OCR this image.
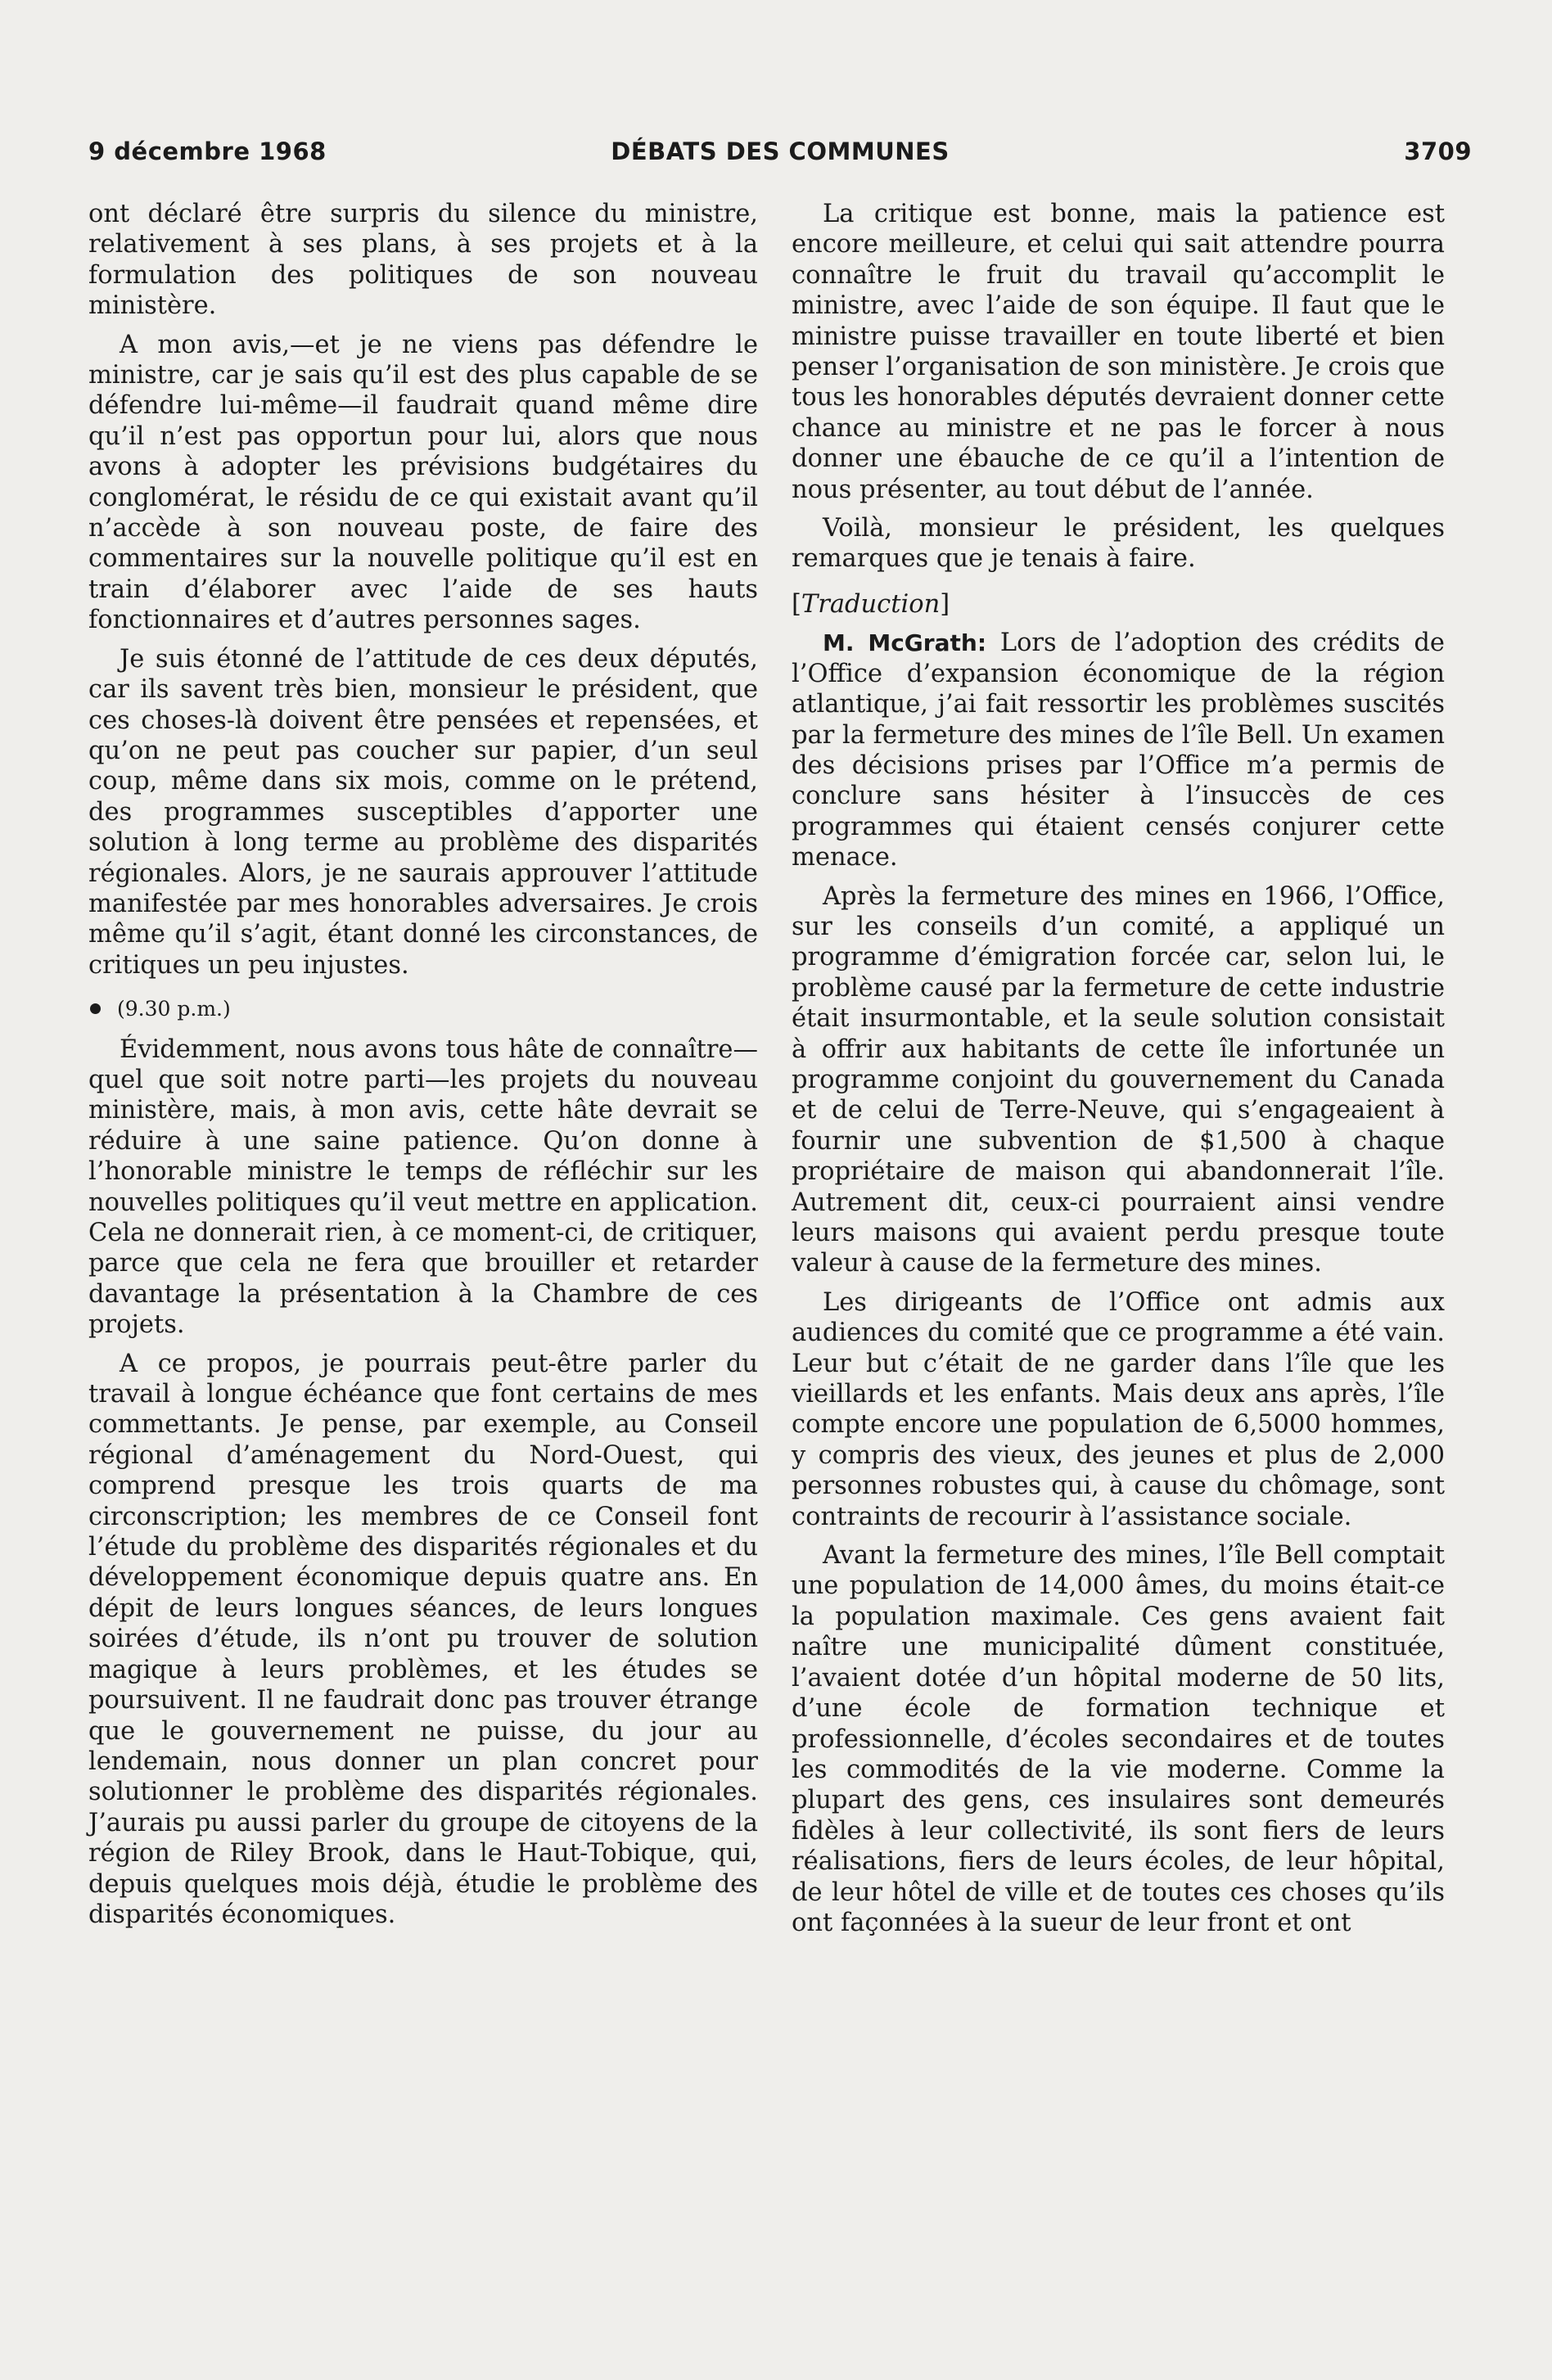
9 décembre 1968	DÉBATS DES COMMUNES	3709

ont déclaré être surpris du silence du ministre, relativement à ses plans, à ses projets et à la formulation des politiques de son nouveau ministère.

A mon avis,—et je ne viens pas défendre le ministre, car je sais qu’il est des plus capable de se défendre lui-même—il faudrait quand même dire qu’il n’est pas opportun pour lui, alors que nous avons à adopter les prévisions budgétaires du conglomérat, le résidu de ce qui existait avant qu’il n’accède à son nouveau poste, de faire des commentaires sur la nouvelle politique qu’il est en train d’élaborer avec l’aide de ses hauts fonctionnaires et d’autres personnes sages.

Je suis étonné de l’attitude de ces deux députés, car ils savent très bien, monsieur le président, que ces choses-là doivent être pensées et repensées, et qu’on ne peut pas coucher sur papier, d’un seul coup, même dans six mois, comme on le prétend, des programmes susceptibles d’apporter une solution à long terme au problème des disparités régionales. Alors, je ne saurais approuver l’attitude manifestée par mes honorables adversaires. Je crois même qu’il s’agit, étant donné les circonstances, de critiques un peu injustes.

(9.30 p.m.)

Évidemment, nous avons tous hâte de connaître—quel que soit notre parti—les projets du nouveau ministère, mais, à mon avis, cette hâte devrait se réduire à une saine patience. Qu’on donne à l’honorable ministre le temps de réfléchir sur les nouvelles politiques qu’il veut mettre en application. Cela ne donnerait rien, à ce moment-ci, de critiquer, parce que cela ne fera que brouiller et retarder davantage la présentation à la Chambre de ces projets.

A ce propos, je pourrais peut-être parler du travail à longue échéance que font certains de mes commettants. Je pense, par exemple, au Conseil régional d’aménagement du Nord-Ouest, qui comprend presque les trois quarts de ma circonscription; les membres de ce Conseil font l’étude du problème des disparités régionales et du développement économique depuis quatre ans. En dépit de leurs longues séances, de leurs longues soirées d’étude, ils n’ont pu trouver de solution magique à leurs problèmes, et les études se poursuivent. Il ne faudrait donc pas trouver étrange que le gouvernement ne puisse, du jour au lendemain, nous donner un plan concret pour solutionner le problème des disparités régionales. J’aurais pu aussi parler du groupe de citoyens de la région de Riley Brook, dans le Haut-Tobique, qui, depuis quelques mois déjà, étudie le problème des disparités économiques.

La critique est bonne, mais la patience est encore meilleure, et celui qui sait attendre pourra connaître le fruit du travail qu’accomplit le ministre, avec l’aide de son équipe. Il faut que le ministre puisse travailler en toute liberté et bien penser l’organisation de son ministère. Je crois que tous les honorables députés devraient donner cette chance au ministre et ne pas le forcer à nous donner une ébauche de ce qu’il a l’intention de nous présenter, au tout début de l’année.

Voilà, monsieur le président, les quelques remarques que je tenais à faire.

[Traduction]

M. McGrath: Lors de l’adoption des crédits de l’Office d’expansion économique de la région atlantique, j’ai fait ressortir les problèmes suscités par la fermeture des mines de l’île Bell. Un examen des décisions prises par l’Office m’a permis de conclure sans hésiter à l’insuccès de ces programmes qui étaient censés conjurer cette menace.

Après la fermeture des mines en 1966, l’Office, sur les conseils d’un comité, a appliqué un programme d’émigration forcée car, selon lui, le problème causé par la fermeture de cette industrie était insurmontable, et la seule solution consistait à offrir aux habitants de cette île infortunée un programme conjoint du gouvernement du Canada et de celui de Terre-Neuve, qui s’engageaient à fournir une subvention de $1,500 à chaque propriétaire de maison qui abandonnerait l’île. Autrement dit, ceux-ci pourraient ainsi vendre leurs maisons qui avaient perdu presque toute valeur à cause de la fermeture des mines.

Les dirigeants de l’Office ont admis aux audiences du comité que ce programme a été vain. Leur but c’était de ne garder dans l’île que les vieillards et les enfants. Mais deux ans après, l’île compte encore une population de 6,5000 hommes, y compris des vieux, des jeunes et plus de 2,000 personnes robustes qui, à cause du chômage, sont contraints de recourir à l’assistance sociale.

Avant la fermeture des mines, l’île Bell comptait une population de 14,000 âmes, du moins était-ce la population maximale. Ces gens avaient fait naître une municipalité dûment constituée, l’avaient dotée d’un hôpital moderne de 50 lits, d’une école de formation technique et professionnelle, d’écoles secondaires et de toutes les commodités de la vie moderne. Comme la plupart des gens, ces insulaires sont demeurés fidèles à leur collectivité, ils sont fiers de leurs réalisations, fiers de leurs écoles, de leur hôpital, de leur hôtel de ville et de toutes ces choses qu’ils ont façonnées à la sueur de leur front et ont
